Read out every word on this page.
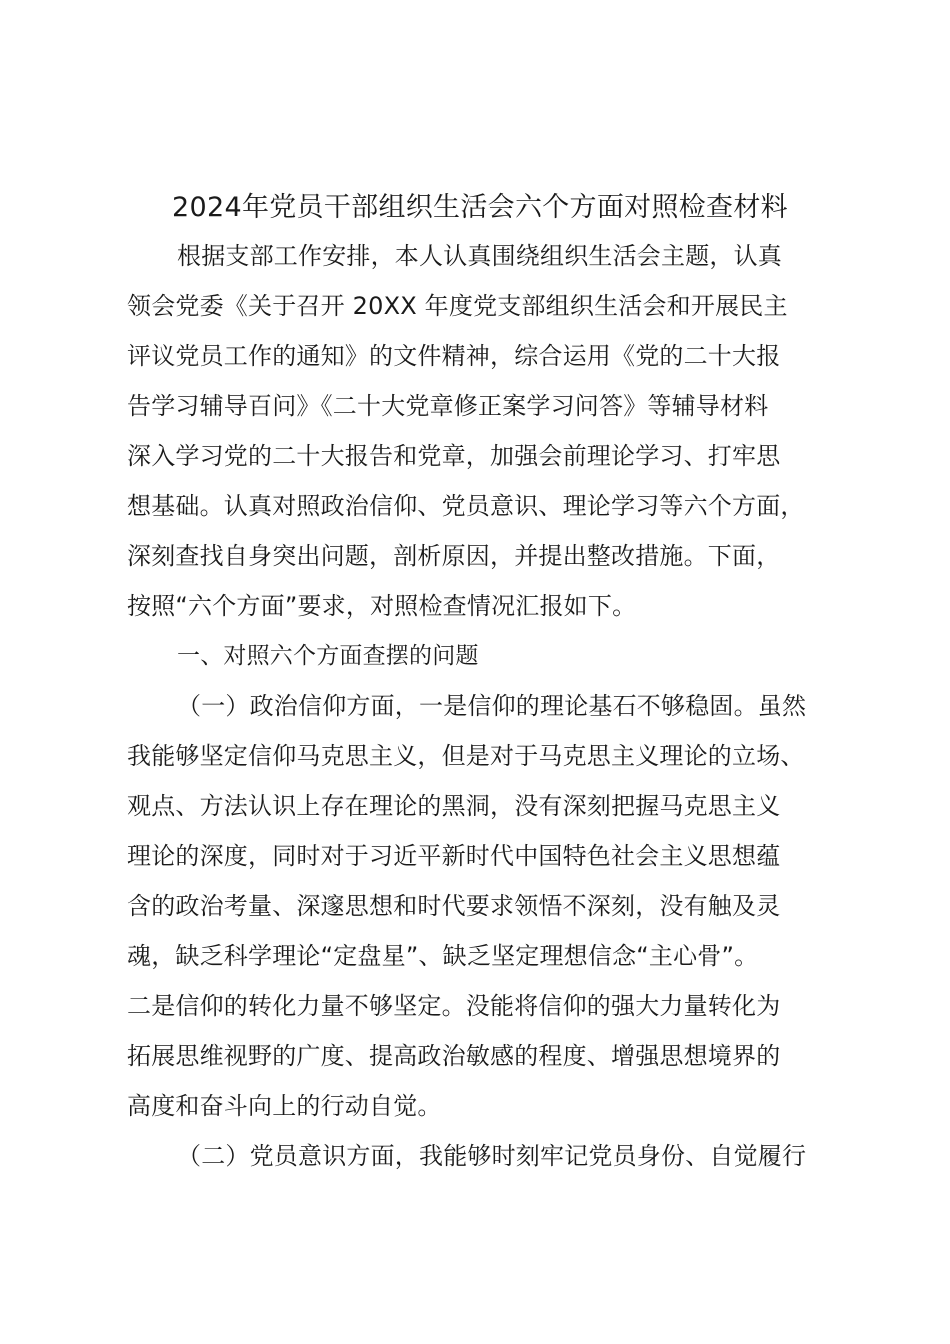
2024年党员干部组织生活会六个方面对照检查材料
根据支部工作安排，本人认真围绕组织生活会主题，认真
领会党委《关于召开 20XX 年度党支部组织生活会和开展民主
评议党员工作的通知》的文件精神，综合运用《党的二十大报
告学习辅导百问》《二十大党章修正案学习问答》等辅导材料
深入学习党的二十大报告和党章，加强会前理论学习、打牢思
想基础。认真对照政治信仰、党员意识、理论学习等六个方面，
深刻查找自身突出问题，剖析原因，并提出整改措施。下面，
按照“六个方面”要求，对照检查情况汇报如下。
一、对照六个方面查摆的问题
（一）政治信仰方面，一是信仰的理论基石不够稳固。虽然
我能够坚定信仰马克思主义，但是对于马克思主义理论的立场、
观点、方法认识上存在理论的黑洞，没有深刻把握马克思主义
理论的深度，同时对于习近平新时代中国特色社会主义思想蕴
含的政治考量、深邃思想和时代要求领悟不深刻，没有触及灵
魂，缺乏科学理论“定盘星”、缺乏坚定理想信念“主心骨”。
二是信仰的转化力量不够坚定。没能将信仰的强大力量转化为
拓展思维视野的广度、提高政治敏感的程度、增强思想境界的
高度和奋斗向上的行动自觉。
（二）党员意识方面，我能够时刻牢记党员身份、自觉履行
